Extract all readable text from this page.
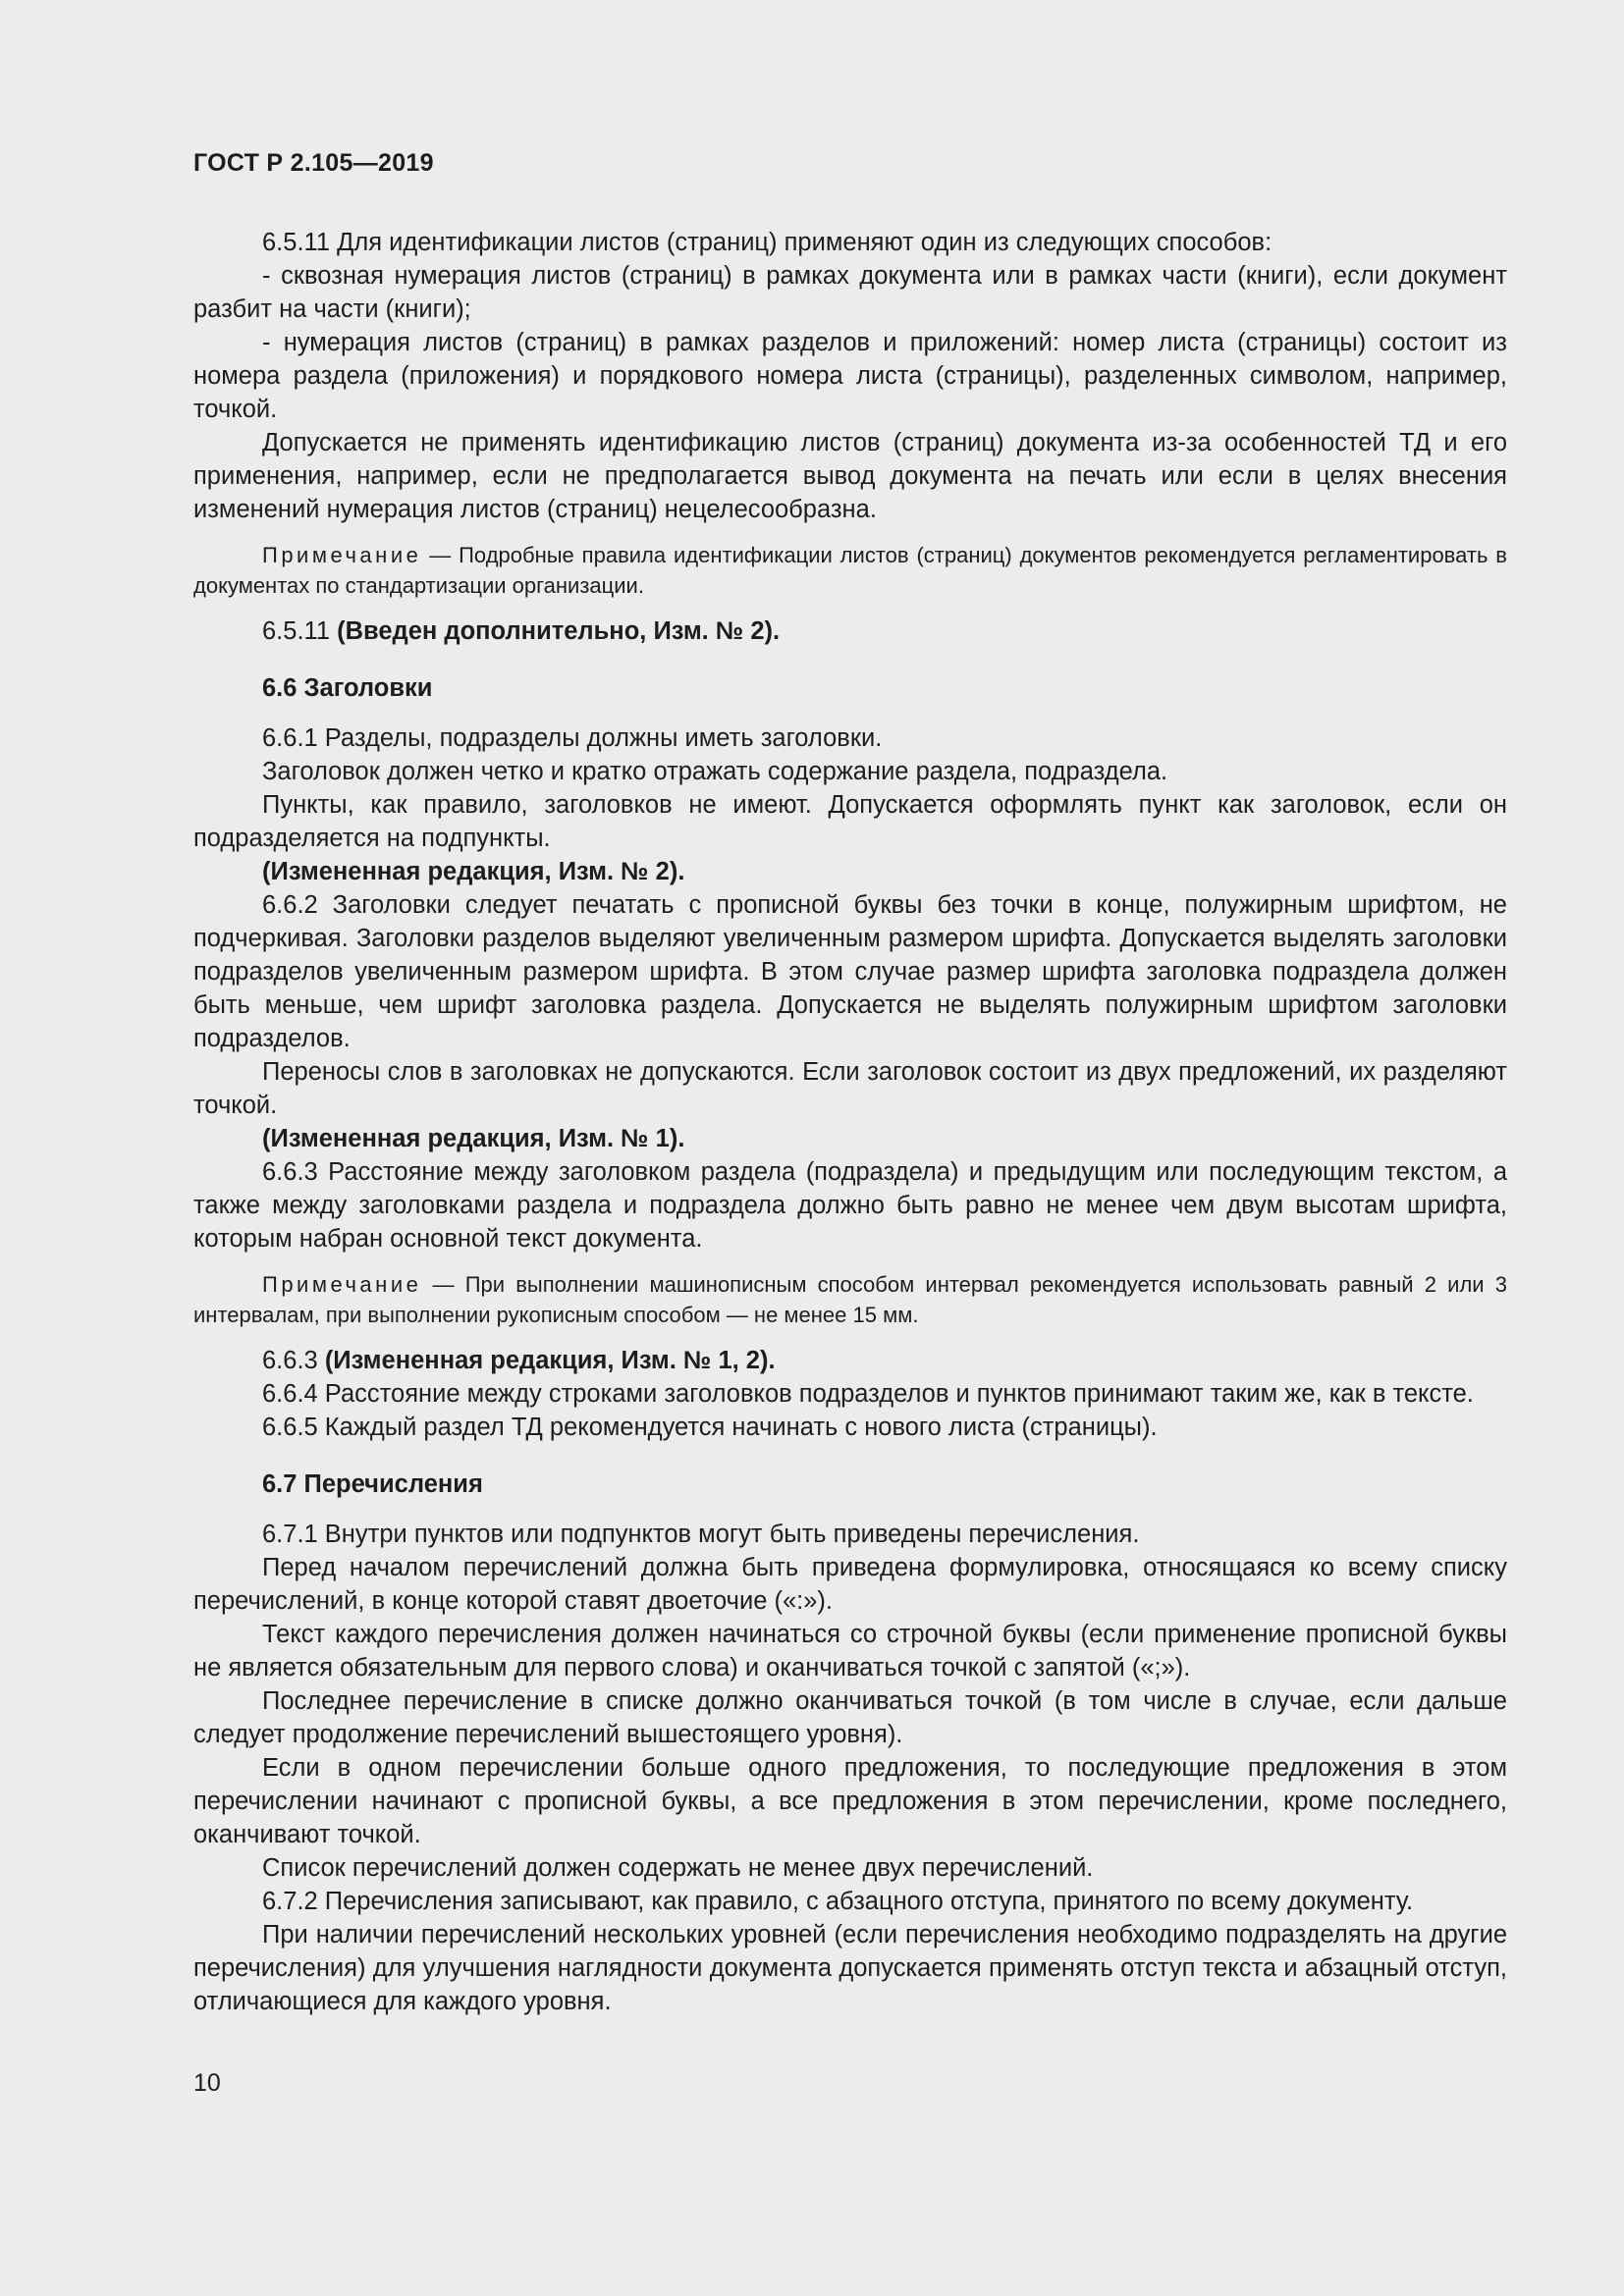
ГОСТ Р 2.105—2019

6.5.11 Для идентификации листов (страниц) применяют один из следующих способов:

- сквозная нумерация листов (страниц) в рамках документа или в рамках части (книги), если документ разбит на части (книги);

- нумерация листов (страниц) в рамках разделов и приложений: номер листа (страницы) состоит из номера раздела (приложения) и порядкового номера листа (страницы), разделенных символом, например, точкой.

Допускается не применять идентификацию листов (страниц) документа из-за особенностей ТД и его применения, например, если не предполагается вывод документа на печать или если в целях внесения изменений нумерация листов (страниц) нецелесообразна.

Примечание — Подробные правила идентификации листов (страниц) документов рекомендуется регламентировать в документах по стандартизации организации.

6.5.11 (Введен дополнительно, Изм. № 2).

6.6 Заголовки

6.6.1 Разделы, подразделы должны иметь заголовки.

Заголовок должен четко и кратко отражать содержание раздела, подраздела.

Пункты, как правило, заголовков не имеют. Допускается оформлять пункт как заголовок, если он подразделяется на подпункты.

(Измененная редакция, Изм. № 2).

6.6.2 Заголовки следует печатать с прописной буквы без точки в конце, полужирным шрифтом, не подчеркивая. Заголовки разделов выделяют увеличенным размером шрифта. Допускается выделять заголовки подразделов увеличенным размером шрифта. В этом случае размер шрифта заголовка подраздела должен быть меньше, чем шрифт заголовка раздела. Допускается не выделять полужирным шрифтом заголовки подразделов.

Переносы слов в заголовках не допускаются. Если заголовок состоит из двух предложений, их разделяют точкой.

(Измененная редакция, Изм. № 1).

6.6.3 Расстояние между заголовком раздела (подраздела) и предыдущим или последующим текстом, а также между заголовками раздела и подраздела должно быть равно не менее чем двум высотам шрифта, которым набран основной текст документа.

Примечание — При выполнении машинописным способом интервал рекомендуется использовать равный 2 или 3 интервалам, при выполнении рукописным способом — не менее 15 мм.

6.6.3 (Измененная редакция, Изм. № 1, 2).

6.6.4 Расстояние между строками заголовков подразделов и пунктов принимают таким же, как в тексте.

6.6.5 Каждый раздел ТД рекомендуется начинать с нового листа (страницы).

6.7 Перечисления

6.7.1 Внутри пунктов или подпунктов могут быть приведены перечисления.

Перед началом перечислений должна быть приведена формулировка, относящаяся ко всему списку перечислений, в конце которой ставят двоеточие («:»).

Текст каждого перечисления должен начинаться со строчной буквы (если применение прописной буквы не является обязательным для первого слова) и оканчиваться точкой с запятой («;»).

Последнее перечисление в списке должно оканчиваться точкой (в том числе в случае, если дальше следует продолжение перечислений вышестоящего уровня).

Если в одном перечислении больше одного предложения, то последующие предложения в этом перечислении начинают с прописной буквы, а все предложения в этом перечислении, кроме последнего, оканчивают точкой.

Список перечислений должен содержать не менее двух перечислений.

6.7.2 Перечисления записывают, как правило, с абзацного отступа, принятого по всему документу.

При наличии перечислений нескольких уровней (если перечисления необходимо подразделять на другие перечисления) для улучшения наглядности документа допускается применять отступ текста и абзацный отступ, отличающиеся для каждого уровня.

10
